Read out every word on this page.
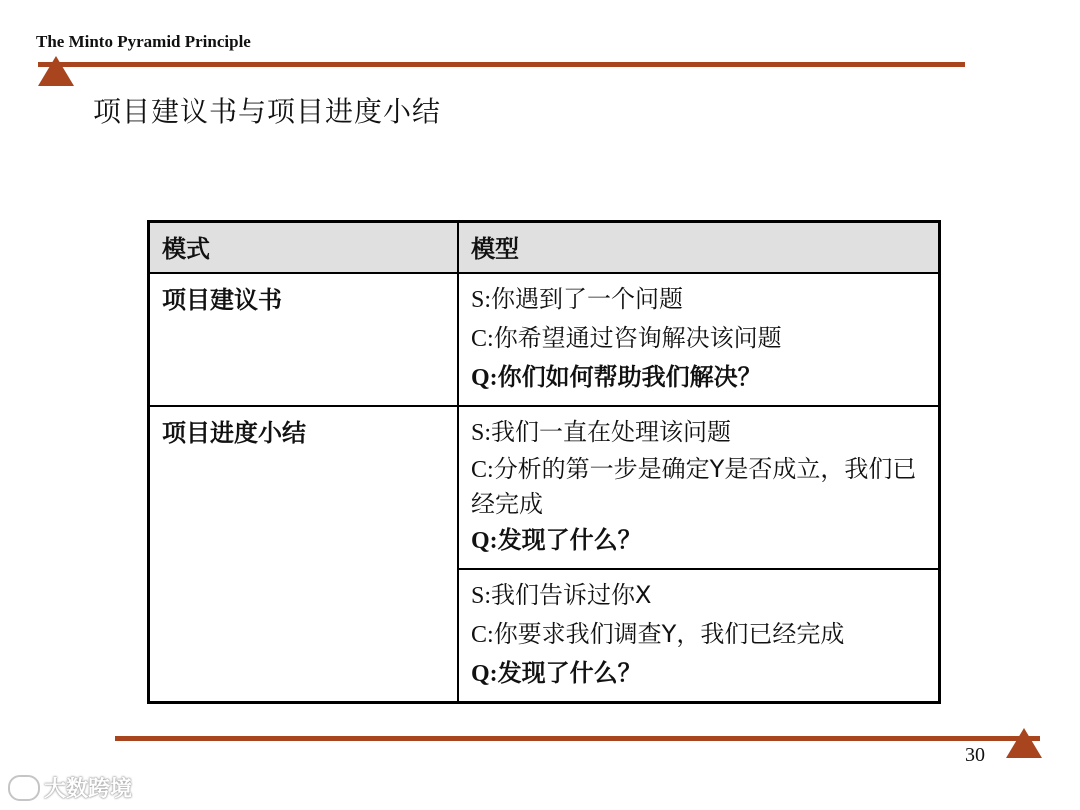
The Minto Pyramid Principle
项目建议书与项目进度小结
模式	模型
项目建议书	S:你遇到了一个问题
C:你希望通过咨询解决该问题
Q:你们如何帮助我们解决？

项目进度小结	S:我们一直在处理该问题
C:分析的第一步是确定Y是否成立，我们已经完成
Q:发现了什么？

	S:我们告诉过你X
C:你要求我们调查Y，我们已经完成
Q:发现了什么？
30
大数跨境
